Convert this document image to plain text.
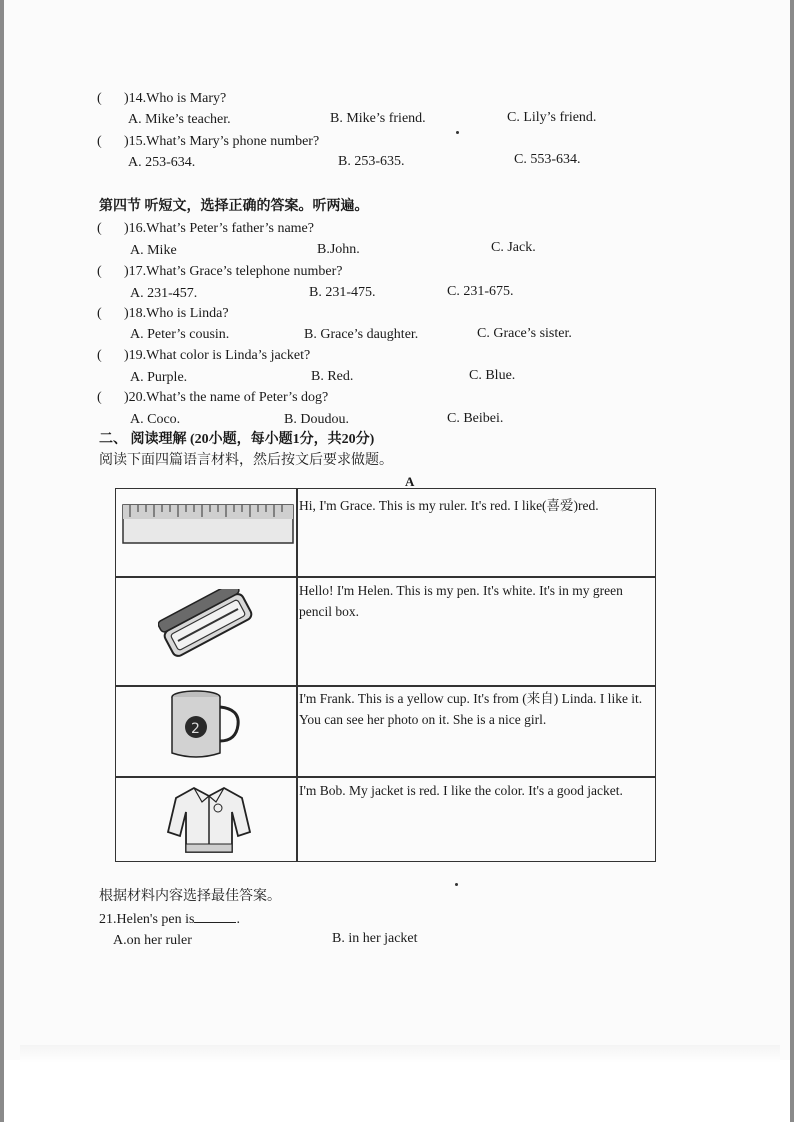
( )14.Who is Mary?
A. Mike’s teacher.	B. Mike’s friend.	C. Lily’s friend.
( )15.What’s Mary’s phone number?
A. 253-634.	B. 253-635.	C. 553-634.
第四节 听短文，选择正确的答案。听两遍。
( )16.What’s Peter’s father’s name?
A. Mike	B.John.	C. Jack.
( )17.What’s Grace’s telephone number?
A. 231-457.	B. 231-475.	C. 231-675.
( )18.Who is Linda?
A. Peter’s cousin.	B. Grace’s daughter.	C. Grace’s sister.
( )19.What color is Linda’s jacket?
A. Purple.	B. Red.	C. Blue.
( )20.What’s the name of Peter’s dog?
A. Coco.	B. Doudou.	C. Beibei.
二、 阅读理解 (20小题，每小题1分，共20分)
阅读下面四篇语言材料，然后按文后要求做题。
A
Hi, I'm Grace. This is my ruler. It's red. I like(喜爱)red.
Hello! I'm Helen. This is my pen. It's white. It's in my green pencil box.
2
I'm Frank. This is a yellow cup. It's from (来自) Linda. I like it. You can see her photo on it. She is a nice girl.
I'm Bob. My jacket is red. I like the color. It's a good jacket.
根据材料内容选择最佳答案。
21.Helen's pen is	.
A.on her ruler	B. in her jacket
